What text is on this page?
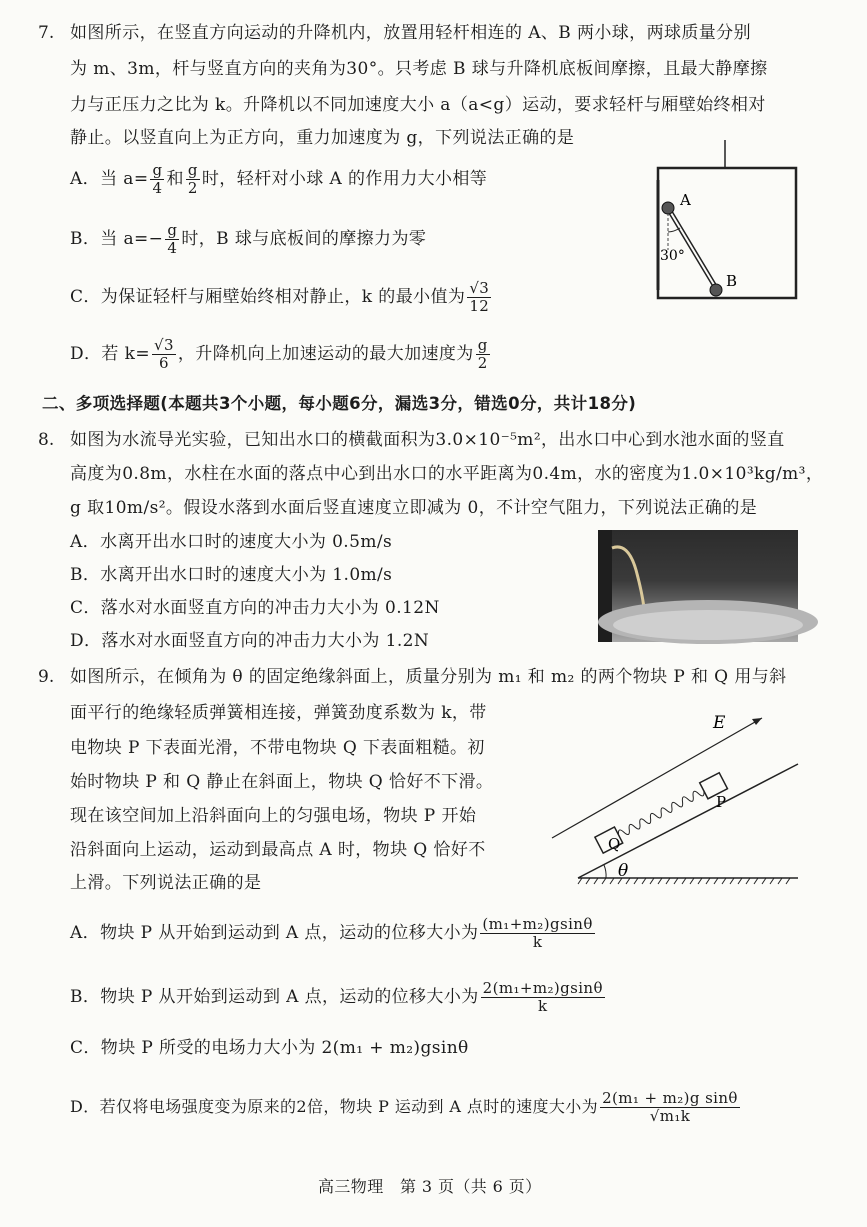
7. 如图所示，在竖直方向运动的升降机内，放置用轻杆相连的 A、B 两小球，两球质量分别
为 m、3m，杆与竖直方向的夹角为30°。只考虑 B 球与升降机底板间摩擦，且最大静摩擦
力与正压力之比为 k。升降机以不同加速度大小 a（a<g）运动，要求轻杆与厢壁始终相对
静止。以竖直向上为正方向，重力加速度为 g，下列说法正确的是
A．当 $a= \frac{g}{4}$ 和 $\frac{g}{2}$ 时，轻杆对小球 A 的作用力大小相等
B．当 $a=- \frac{g}{4}$ 时，B 球与底板间的摩擦力为零
C．为保证轻杆与厢壁始终相对静止，k 的最小值为 $\frac{√3}{12}$
D．若 $k= \frac{√3}{6}$ ，升降机向上加速运动的最大加速度为 $\frac{g}{2}$
A
B
30°
二、多项选择题(本题共3个小题，每小题6分，漏选3分，错选0分，共计18分)
8. 如图为水流导光实验，已知出水口的横截面积为3.0×10⁻⁵m²，出水口中心到水池水面的竖直
高度为0.8m，水柱在水面的落点中心到出水口的水平距离为0.4m，水的密度为1.0×10³kg/m³，
g 取10m/s²。假设水落到水面后竖直速度立即减为 0，不计空气阻力，下列说法正确的是
A．水离开出水口时的速度大小为 0.5m/s
B．水离开出水口时的速度大小为 1.0m/s
C．落水对水面竖直方向的冲击力大小为 0.12N
D．落水对水面竖直方向的冲击力大小为 1.2N
9. 如图所示，在倾角为 θ 的固定绝缘斜面上，质量分别为 m₁ 和 m₂ 的两个物块 P 和 Q 用与斜
面平行的绝缘轻质弹簧相连接，弹簧劲度系数为 k，带
电物块 P 下表面光滑，不带电物块 Q 下表面粗糙。初
始时物块 P 和 Q 静止在斜面上，物块 Q 恰好不下滑。
现在该空间加上沿斜面向上的匀强电场，物块 P 开始
沿斜面向上运动，运动到最高点 A 时，物块 Q 恰好不
上滑。下列说法正确的是
A．物块 P 从开始到运动到 A 点，运动的位移大小为 $\frac{\text{(m₁+m₂)gsinθ}}{k}$
B．物块 P 从开始到运动到 A 点，运动的位移大小为 $\frac{\text{2(m₁+m₂)gsinθ}}{k}$
C．物块 P 所受的电场力大小为 2(m₁ + m₂)gsinθ
D．若仅将电场强度变为原来的2倍，物块 P 运动到 A 点时的速度大小为 $\frac{\text{2(m₁ + m₂)g sinθ}}{\text{√m₁k}}$
θ
E
P
Q
高三物理　第 3 页（共 6 页）
